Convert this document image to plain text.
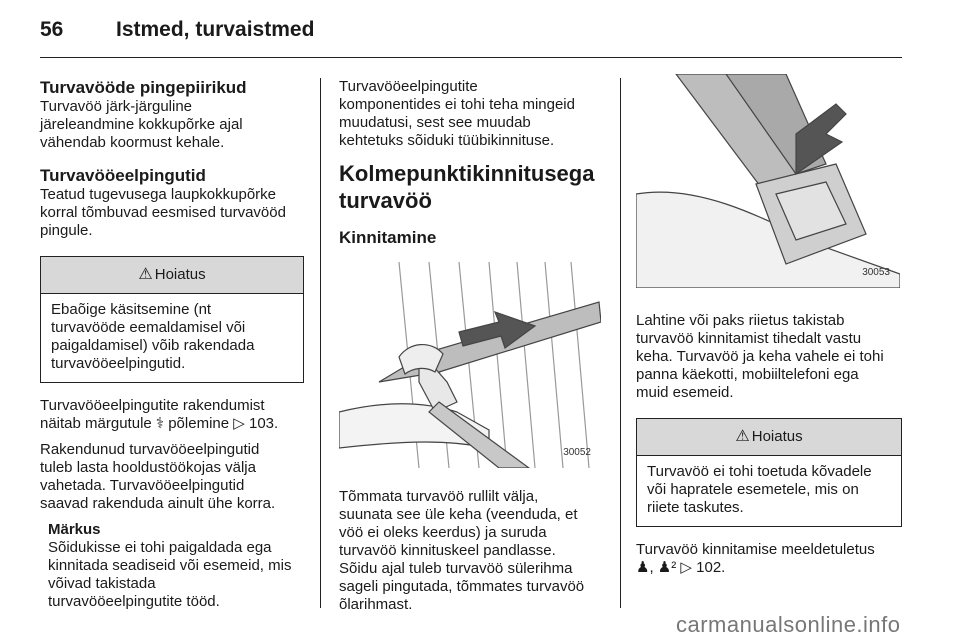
56	Istmed, turvaistmed
Turvavööde pingepiirikud

Turvavöö järk-järguline
järeleandmine kokkupõrke ajal
vähendab koormust kehale.

Turvavööeelpingutid

Teatud tugevusega laupkokkupõrke
korral tõmbuvad eesmised turvavööd
pingule.

⚠ Hoiatus
Ebaõige käsitsemine (nt
turvavööde eemaldamisel või
paigaldamisel) võib rakendada
turvavööeelpingutid.

Turvavööeelpingutite rakendumist
näitab märgutule ⚕ põlemine ▷ 103.

Rakendunud turvavööeelpingutid
tuleb lasta hooldustöökojas välja
vahetada. Turvavööeelpingutid
saavad rakenduda ainult ühe korra.

Märkus

Sõidukisse ei tohi paigaldada ega
kinnitada seadiseid või esemeid, mis
võivad takistada
turvavööeelpingutite tööd.

Turvavööeelpingutite
komponentides ei tohi teha mingeid
muudatusi, sest see muudab
kehtetuks sõiduki tüübikinnituse.

Kolmepunktikinnitusega
turvavöö
Kinnitamine
30052

Tõmmata turvavöö rullilt välja,
suunata see üle keha (veenduda, et
vöö ei oleks keerdus) ja suruda
turvavöö kinnituskeel pandlasse.
Sõidu ajal tuleb turvavöö sülerihma
sageli pingutada, tõmmates turvavöö
õlarihmast.

30053

Lahtine või paks riietus takistab
turvavöö kinnitamist tihedalt vastu
keha. Turvavöö ja keha vahele ei tohi
panna käekotti, mobiiltelefoni ega
muid esemeid.

⚠ Hoiatus
Turvavöö ei tohi toetuda kõvadele
või hapratele esemetele, mis on
riiete taskutes.

Turvavöö kinnitamise meeldetuletus

♟, ♟² ▷ 102.

carmanualsonline.info
